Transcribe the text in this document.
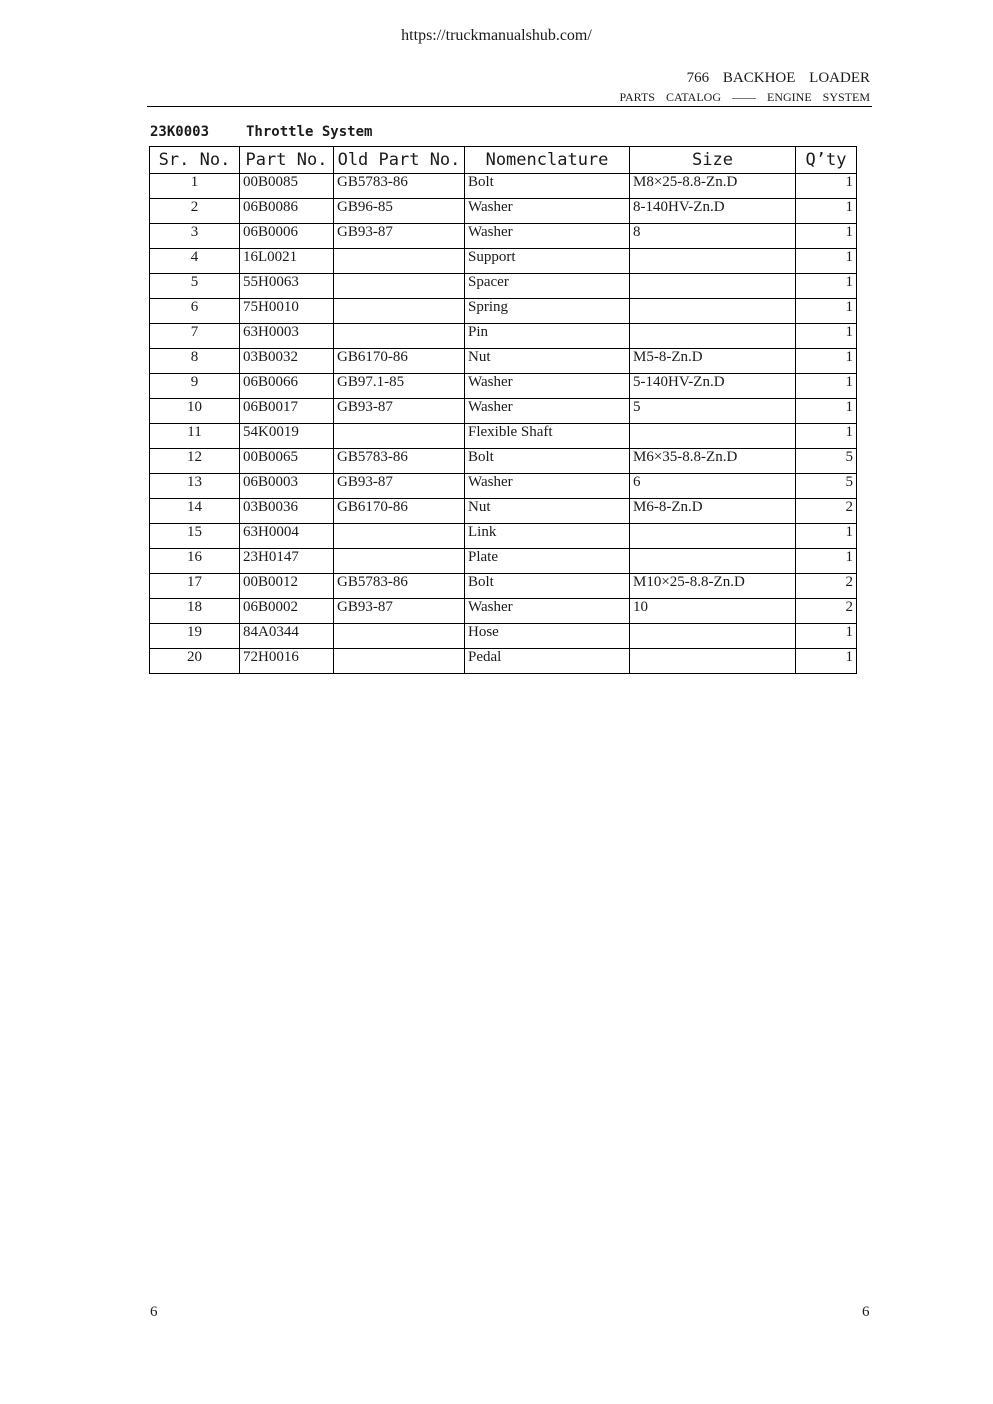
https://truckmanualshub.com/
766 BACKHOE LOADER
PARTS CATALOG —— ENGINE SYSTEM
23K0003	Throttle System
Sr. No.	Part No.	Old Part No.	Nomenclature	Size	Q’ty
1	00B0085	GB5783-86	Bolt	M8×25-8.8-Zn.D	1
2	06B0086	GB96-85	Washer	8-140HV-Zn.D	1
3	06B0006	GB93-87	Washer	8	1
4	16L0021		Support		1
5	55H0063		Spacer		1
6	75H0010		Spring		1
7	63H0003		Pin		1
8	03B0032	GB6170-86	Nut	M5-8-Zn.D	1
9	06B0066	GB97.1-85	Washer	5-140HV-Zn.D	1
10	06B0017	GB93-87	Washer	5	1
11	54K0019		Flexible Shaft		1
12	00B0065	GB5783-86	Bolt	M6×35-8.8-Zn.D	5
13	06B0003	GB93-87	Washer	6	5
14	03B0036	GB6170-86	Nut	M6-8-Zn.D	2
15	63H0004		Link		1
16	23H0147		Plate		1
17	00B0012	GB5783-86	Bolt	M10×25-8.8-Zn.D	2
18	06B0002	GB93-87	Washer	10	2
19	84A0344		Hose		1
20	72H0016		Pedal		1
6	6
